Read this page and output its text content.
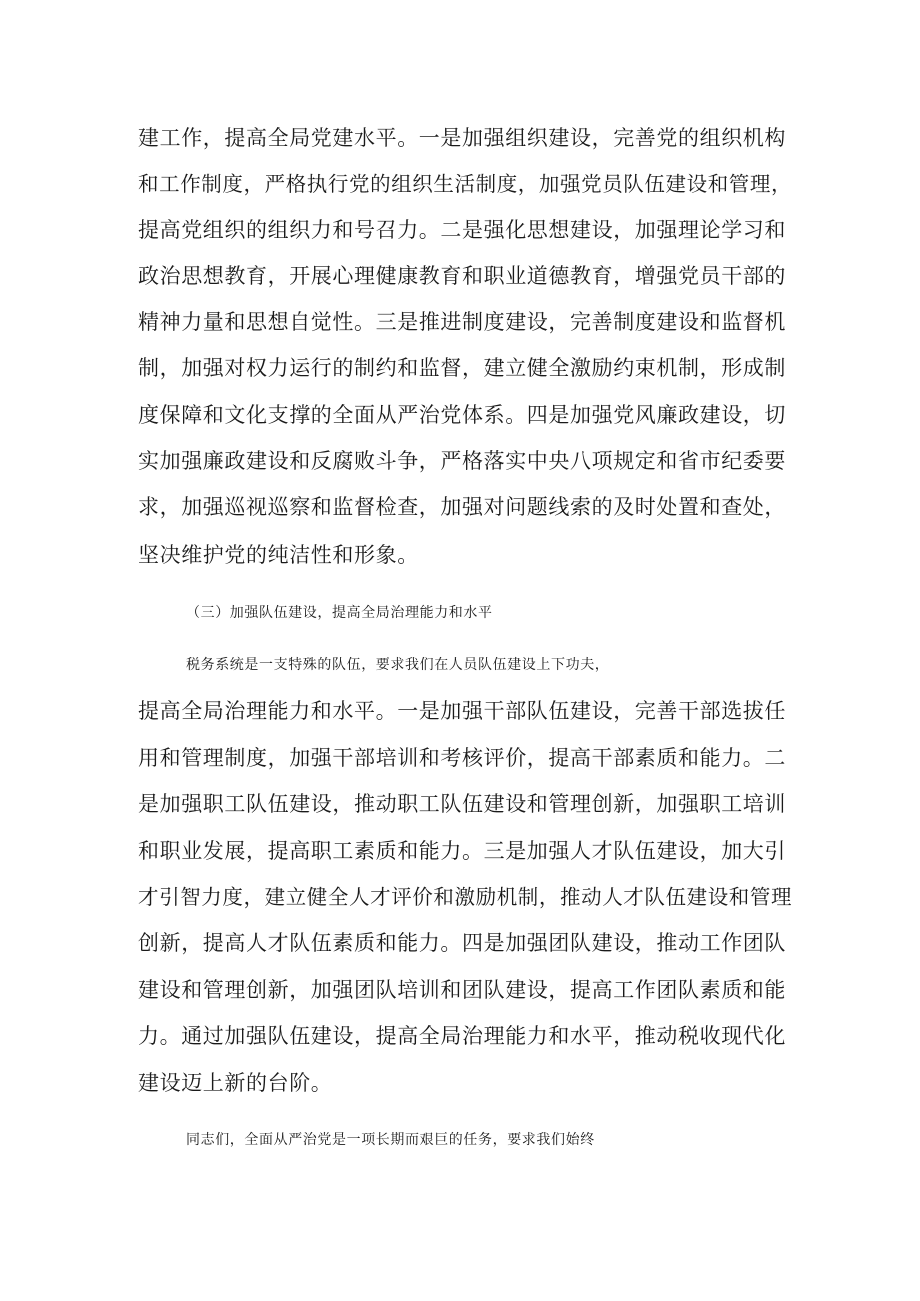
建工作，提高全局党建水平。一是加强组织建设，完善党的组织机构
和工作制度，严格执行党的组织生活制度，加强党员队伍建设和管理，
提高党组织的组织力和号召力。二是强化思想建设，加强理论学习和
政治思想教育，开展心理健康教育和职业道德教育，增强党员干部的
精神力量和思想自觉性。三是推进制度建设，完善制度建设和监督机
制，加强对权力运行的制约和监督，建立健全激励约束机制，形成制
度保障和文化支撑的全面从严治党体系。四是加强党风廉政建设，切
实加强廉政建设和反腐败斗争，严格落实中央八项规定和省市纪委要
求，加强巡视巡察和监督检查，加强对问题线索的及时处置和查处，
坚决维护党的纯洁性和形象。
（三）加强队伍建设，提高全局治理能力和水平
税务系统是一支特殊的队伍，要求我们在人员队伍建设上下功夫，
提高全局治理能力和水平。一是加强干部队伍建设，完善干部选拔任
用和管理制度，加强干部培训和考核评价，提高干部素质和能力。二
是加强职工队伍建设，推动职工队伍建设和管理创新，加强职工培训
和职业发展，提高职工素质和能力。三是加强人才队伍建设，加大引
才引智力度，建立健全人才评价和激励机制，推动人才队伍建设和管理
创新，提高人才队伍素质和能力。四是加强团队建设，推动工作团队
建设和管理创新，加强团队培训和团队建设，提高工作团队素质和能
力。通过加强队伍建设，提高全局治理能力和水平，推动税收现代化
建设迈上新的台阶。
同志们，全面从严治党是一项长期而艰巨的任务，要求我们始终
